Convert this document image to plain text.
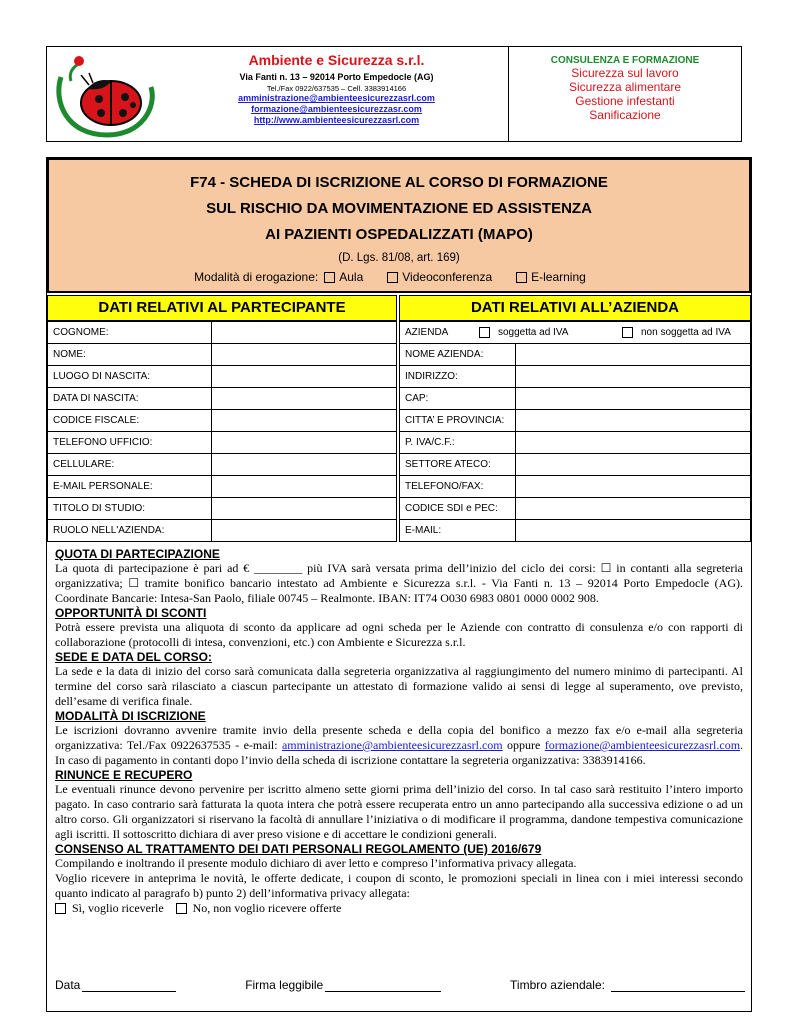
Ambiente e Sicurezza s.r.l.
Via Fanti n. 13 – 92014 Porto Empedocle (AG)
Tel./Fax 0922/637535 – Cell. 3383914166
amministrazione@ambienteesicurezzasrl.com
formazione@ambienteesicurezzasr.com
http://www.ambienteesicurezzasrl.com
CONSULENZA E FORMAZIONE
Sicurezza sul lavoro
Sicurezza alimentare
Gestione infestanti
Sanificazione
F74 - SCHEDA DI ISCRIZIONE AL CORSO DI FORMAZIONE
SUL RISCHIO DA MOVIMENTAZIONE ED ASSISTENZA
AI PAZIENTI OSPEDALIZZATI (MAPO)
(D. Lgs. 81/08, art. 169)
Modalità di erogazione: Aula	Videoconferenza	E-learning
DATI RELATIVI AL PARTECIPANTE	DATI RELATIVI ALL’AZIENDA
COGNOME:	
NOME:	
LUOGO DI NASCITA:	
DATA DI NASCITA:	
CODICE FISCALE:	
TELEFONO UFFICIO:	
CELLULARE:	
E-MAIL PERSONALE:	
TITOLO DI STUDIO:	
RUOLO NELL'AZIENDA:	
AZIENDA soggetta ad IVA non soggetta ad IVA	

NOME AZIENDA:	
INDIRIZZO:	
CAP:	
CITTA’ E PROVINCIA:	
P. IVA/C.F.:	
SETTORE ATECO:	
TELEFONO/FAX:	
CODICE SDI e PEC:	
E-MAIL:	
QUOTA DI PARTECIPAZIONE

La quota di partecipazione è pari ad € ________ più IVA sarà versata prima dell’inizio del ciclo dei corsi: ☐ in contanti alla segreteria organizzativa; ☐ tramite bonifico bancario intestato ad Ambiente e Sicurezza s.r.l. - Via Fanti n. 13 – 92014 Porto Empedocle (AG). Coordinate Bancarie: Intesa-San Paolo, filiale 00745 – Realmonte. IBAN: IT74 O030 6983 0801 0000 0002 908.

OPPORTUNITÀ DI SCONTI

Potrà essere prevista una aliquota di sconto da applicare ad ogni scheda per le Aziende con contratto di consulenza e/o con rapporti di collaborazione (protocolli di intesa, convenzioni, etc.) con Ambiente e Sicurezza s.r.l.

SEDE E DATA DEL CORSO:

La sede e la data di inizio del corso sarà comunicata dalla segreteria organizzativa al raggiungimento del numero minimo di partecipanti. Al termine del corso sarà rilasciato a ciascun partecipante un attestato di formazione valido ai sensi di legge al superamento, ove previsto, dell’esame di verifica finale.

MODALITÀ DI ISCRIZIONE

Le iscrizioni dovranno avvenire tramite invio della presente scheda e della copia del bonifico a mezzo fax e/o e-mail alla segreteria organizzativa: Tel./Fax 0922637535 - e-mail: amministrazione@ambienteesicurezzasrl.com oppure formazione@ambienteesicurezzasrl.com. In caso di pagamento in contanti dopo l’invio della scheda di iscrizione contattare la segreteria organizzativa: 3383914166.

RINUNCE E RECUPERO

Le eventuali rinunce devono pervenire per iscritto almeno sette giorni prima dell’inizio del corso. In tal caso sarà restituito l’intero importo pagato. In caso contrario sarà fatturata la quota intera che potrà essere recuperata entro un anno partecipando alla successiva edizione o ad un altro corso. Gli organizzatori si riservano la facoltà di annullare l’iniziativa o di modificare il programma, dandone tempestiva comunicazione agli iscritti. Il sottoscritto dichiara di aver preso visione e di accettare le condizioni generali.

CONSENSO AL TRATTAMENTO DEI DATI PERSONALI REGOLAMENTO (UE) 2016/679

Compilando e inoltrando il presente modulo dichiaro di aver letto e compreso l’informativa privacy allegata.

Voglio ricevere in anteprima le novità, le offerte dedicate, i coupon di sconto, le promozioni speciali in linea con i miei interessi secondo quanto indicato al paragrafo b) punto 2) dell’informativa privacy allegata:

Sì, voglio riceverle No, non voglio ricevere offerte
Data	Firma leggibile	Timbro aziendale:
